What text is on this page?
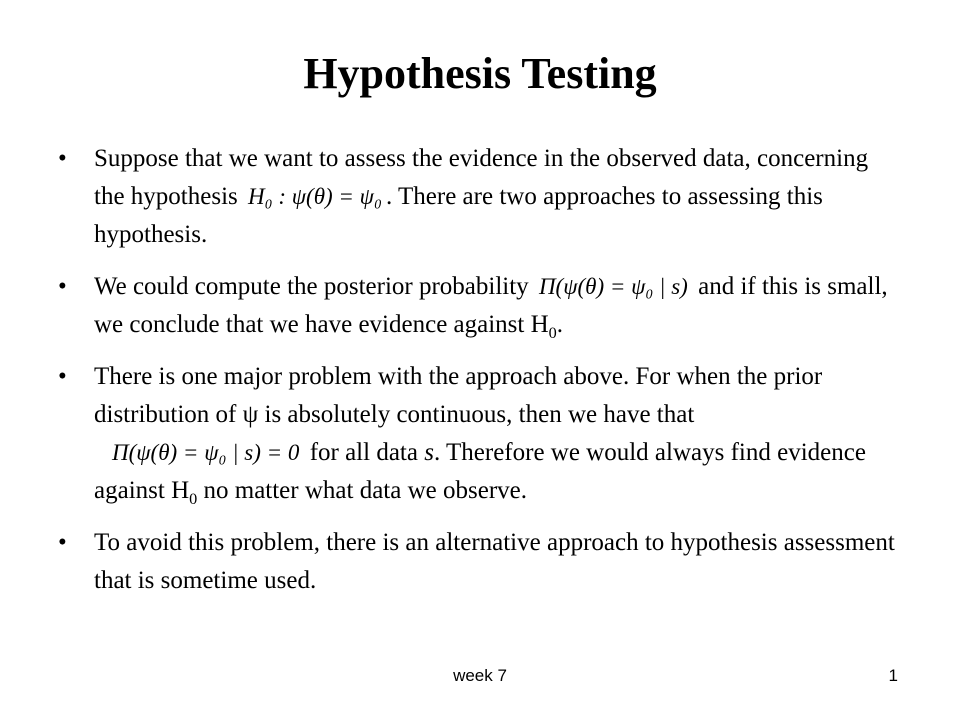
Hypothesis Testing
•	Suppose that we want to assess the evidence in the observed data, concerning the hypothesis H₀ : ψ(θ) = ψ₀ . There are two approaches to assessing this hypothesis.
•	We could compute the posterior probability Π(ψ(θ) = ψ₀ | s) and if this is small, we conclude that we have evidence against $H_0$.
•	There is one major problem with the approach above. For when the prior distribution of ψ is absolutely continuous, then we have that
Π(ψ(θ) = ψ₀ | s) = 0 for all data s. Therefore we would always find evidence against $H_0$ no matter what data we observe.
•	To avoid this problem, there is an alternative approach to hypothesis assessment that is sometime used.
week 7	1
